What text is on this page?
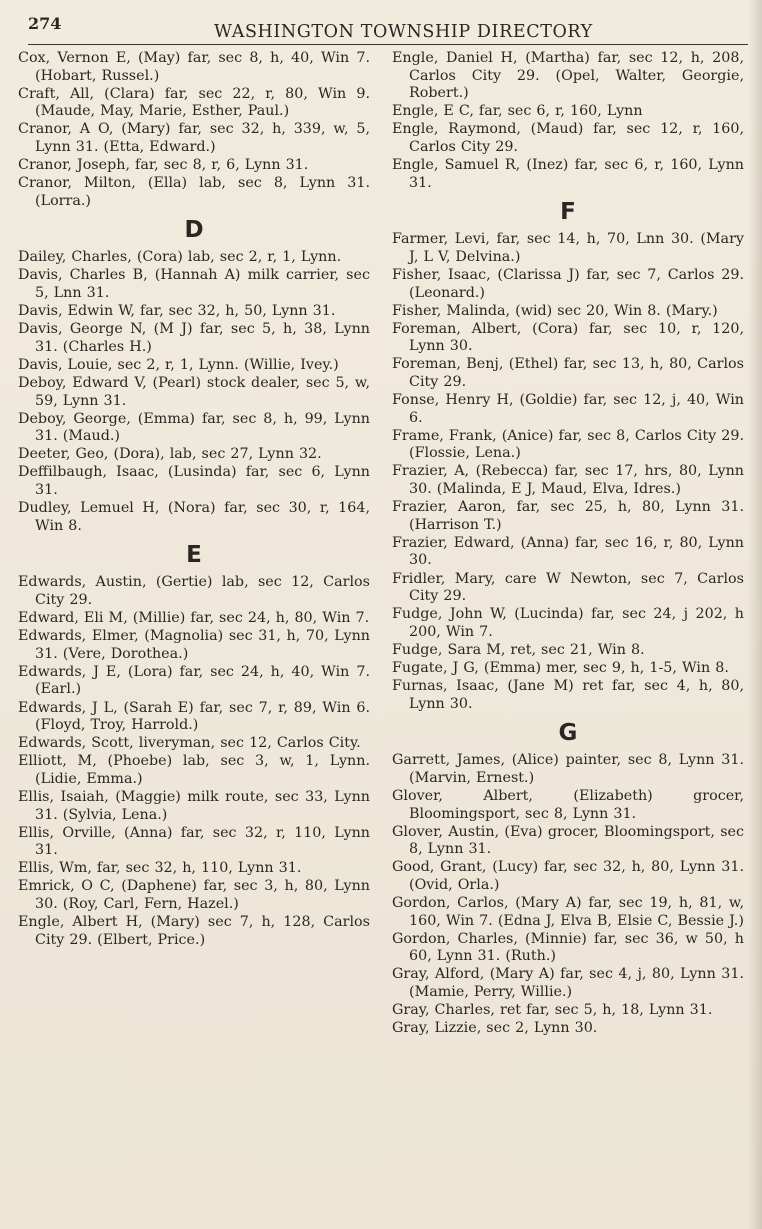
274	WASHINGTON TOWNSHIP DIRECTORY
Cox, Vernon E, (May) far, sec 8, h, 40, Win 7. (Hobart, Russel.)
Craft, All, (Clara) far, sec 22, r, 80, Win 9. (Maude, May, Marie, Esther, Paul.)
Cranor, A O, (Mary) far, sec 32, h, 339, w, 5, Lynn 31. (Etta, Edward.)
Cranor, Joseph, far, sec 8, r, 6, Lynn 31.
Cranor, Milton, (Ella) lab, sec 8, Lynn 31. (Lorra.)
D
Dailey, Charles, (Cora) lab, sec 2, r, 1, Lynn.
Davis, Charles B, (Hannah A) milk carrier, sec 5, Lnn 31.
Davis, Edwin W, far, sec 32, h, 50, Lynn 31.
Davis, George N, (M J) far, sec 5, h, 38, Lynn 31. (Charles H.)
Davis, Louie, sec 2, r, 1, Lynn. (Willie, Ivey.)
Deboy, Edward V, (Pearl) stock dealer, sec 5, w, 59, Lynn 31.
Deboy, George, (Emma) far, sec 8, h, 99, Lynn 31. (Maud.)
Deeter, Geo, (Dora), lab, sec 27, Lynn 32.
Deffilbaugh, Isaac, (Lusinda) far, sec 6, Lynn 31.
Dudley, Lemuel H, (Nora) far, sec 30, r, 164, Win 8.
E
Edwards, Austin, (Gertie) lab, sec 12, Carlos City 29.
Edward, Eli M, (Millie) far, sec 24, h, 80, Win 7.
Edwards, Elmer, (Magnolia) sec 31, h, 70, Lynn 31. (Vere, Dorothea.)
Edwards, J E, (Lora) far, sec 24, h, 40, Win 7. (Earl.)
Edwards, J L, (Sarah E) far, sec 7, r, 89, Win 6. (Floyd, Troy, Harrold.)
Edwards, Scott, liveryman, sec 12, Carlos City.
Elliott, M, (Phoebe) lab, sec 3, w, 1, Lynn. (Lidie, Emma.)
Ellis, Isaiah, (Maggie) milk route, sec 33, Lynn 31. (Sylvia, Lena.)
Ellis, Orville, (Anna) far, sec 32, r, 110, Lynn 31.
Ellis, Wm, far, sec 32, h, 110, Lynn 31.
Emrick, O C, (Daphene) far, sec 3, h, 80, Lynn 30. (Roy, Carl, Fern, Hazel.)
Engle, Albert H, (Mary) sec 7, h, 128, Carlos City 29. (Elbert, Price.)
Engle, Daniel H, (Martha) far, sec 12, h, 208, Carlos City 29. (Opel, Walter, Georgie, Robert.)
Engle, E C, far, sec 6, r, 160, Lynn
Engle, Raymond, (Maud) far, sec 12, r, 160, Carlos City 29.
Engle, Samuel R, (Inez) far, sec 6, r, 160, Lynn 31.
F
Farmer, Levi, far, sec 14, h, 70, Lnn 30. (Mary J, L V, Delvina.)
Fisher, Isaac, (Clarissa J) far, sec 7, Carlos 29. (Leonard.)
Fisher, Malinda, (wid) sec 20, Win 8. (Mary.)
Foreman, Albert, (Cora) far, sec 10, r, 120, Lynn 30.
Foreman, Benj, (Ethel) far, sec 13, h, 80, Carlos City 29.
Fonse, Henry H, (Goldie) far, sec 12, j, 40, Win 6.
Frame, Frank, (Anice) far, sec 8, Carlos City 29. (Flossie, Lena.)
Frazier, A, (Rebecca) far, sec 17, hrs, 80, Lynn 30. (Malinda, E J, Maud, Elva, Idres.)
Frazier, Aaron, far, sec 25, h, 80, Lynn 31. (Harrison T.)
Frazier, Edward, (Anna) far, sec 16, r, 80, Lynn 30.
Fridler, Mary, care W Newton, sec 7, Carlos City 29.
Fudge, John W, (Lucinda) far, sec 24, j 202, h 200, Win 7.
Fudge, Sara M, ret, sec 21, Win 8.
Fugate, J G, (Emma) mer, sec 9, h, 1-5, Win 8.
Furnas, Isaac, (Jane M) ret far, sec 4, h, 80, Lynn 30.
G
Garrett, James, (Alice) painter, sec 8, Lynn 31. (Marvin, Ernest.)
Glover, Albert, (Elizabeth) grocer, Bloomingsport, sec 8, Lynn 31.
Glover, Austin, (Eva) grocer, Bloomingsport, sec 8, Lynn 31.
Good, Grant, (Lucy) far, sec 32, h, 80, Lynn 31. (Ovid, Orla.)
Gordon, Carlos, (Mary A) far, sec 19, h, 81, w, 160, Win 7. (Edna J, Elva B, Elsie C, Bessie J.)
Gordon, Charles, (Minnie) far, sec 36, w 50, h 60, Lynn 31. (Ruth.)
Gray, Alford, (Mary A) far, sec 4, j, 80, Lynn 31. (Mamie, Perry, Willie.)
Gray, Charles, ret far, sec 5, h, 18, Lynn 31.
Gray, Lizzie, sec 2, Lynn 30.
